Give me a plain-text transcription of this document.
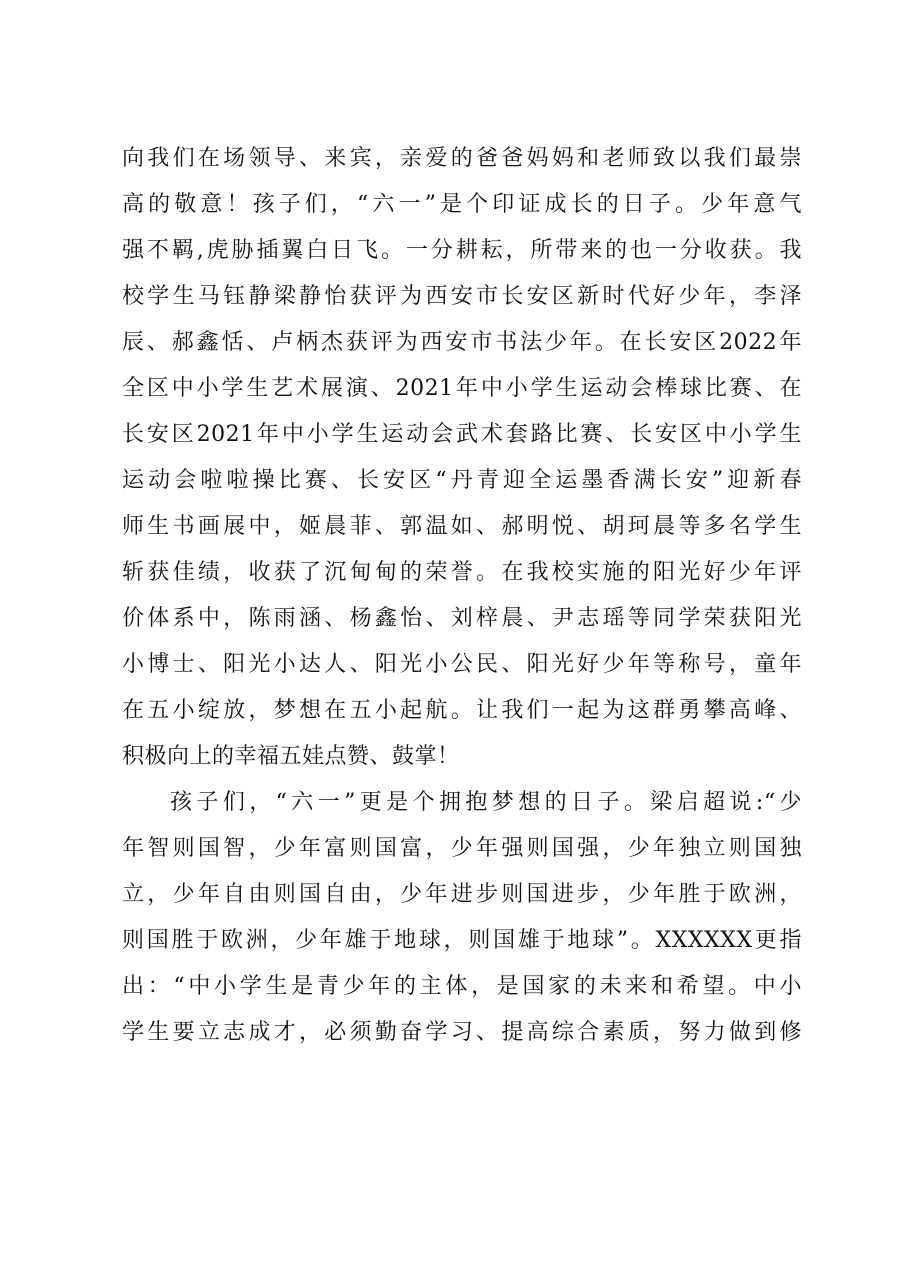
向我们在场领导、来宾，亲爱的爸爸妈妈和老师致以我们最崇
高的敬意！孩子们，“六一”是个印证成长的日子。少年意气
强不羁,虎胁插翼白日飞。一分耕耘，所带来的也一分收获。我
校学生马钰静梁静怡获评为西安市长安区新时代好少年，李泽
辰、郝鑫恬、卢柄杰获评为西安市书法少年。在长安区2022年
全区中小学生艺术展演、2021年中小学生运动会棒球比赛、在
长安区2021年中小学生运动会武术套路比赛、长安区中小学生
运动会啦啦操比赛、长安区“丹青迎全运墨香满长安”迎新春
师生书画展中，姬晨菲、郭温如、郝明悦、胡珂晨等多名学生
斩获佳绩，收获了沉甸甸的荣誉。在我校实施的阳光好少年评
价体系中，陈雨涵、杨鑫怡、刘梓晨、尹志瑶等同学荣获阳光
小博士、阳光小达人、阳光小公民、阳光好少年等称号，童年
在五小绽放，梦想在五小起航。让我们一起为这群勇攀高峰、
积极向上的幸福五娃点赞、鼓掌！
孩子们，“六一”更是个拥抱梦想的日子。梁启超说:“少
年智则国智，少年富则国富，少年强则国强，少年独立则国独
立，少年自由则国自由，少年进步则国进步，少年胜于欧洲，
则国胜于欧洲，少年雄于地球，则国雄于地球”。XXXXXX更指
出：“中小学生是青少年的主体，是国家的未来和希望。中小
学生要立志成才，必须勤奋学习、提高综合素质，努力做到修
